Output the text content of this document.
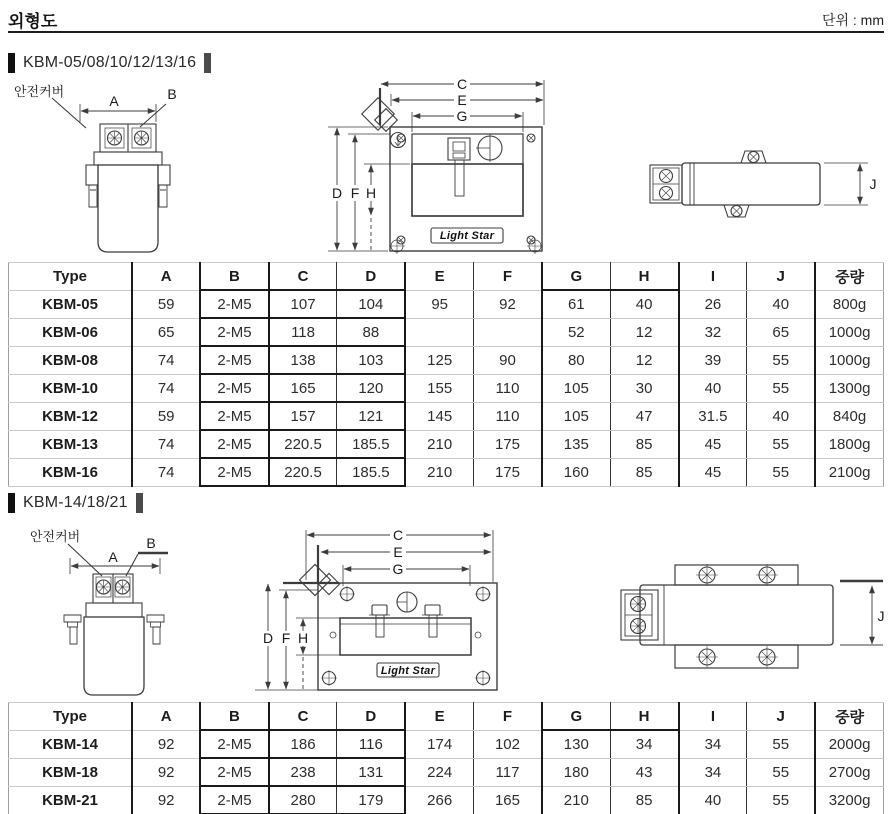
외형도	단위 : mm
KBM-05/08/10/12/13/16
안전커버
A	B
C
E
G
D F H
Light Star
J
Type	A	B	C	D	E	F	G	H	I	J	중량
KBM-05	59	2-M5	107	104	95	92	61	40	26	40	800g
KBM-06	65	2-M5	118	88			52	12	32	65	1000g
KBM-08	74	2-M5	138	103	125	90	80	12	39	55	1000g
KBM-10	74	2-M5	165	120	155	110	105	30	40	55	1300g
KBM-12	59	2-M5	157	121	145	110	105	47	31.5	40	840g
KBM-13	74	2-M5	220.5	185.5	210	175	135	85	45	55	1800g
KBM-16	74	2-M5	220.5	185.5	210	175	160	85	45	55	2100g
KBM-14/18/21
안전커버
A
B	C
E
G
D F H
Light Star
J
Type	A	B	C	D	E	F	G	H	I	J	중량
KBM-14	92	2-M5	186	116	174	102	130	34	34	55	2000g
KBM-18	92	2-M5	238	131	224	117	180	43	34	55	2700g
KBM-21	92	2-M5	280	179	266	165	210	85	40	55	3200g
